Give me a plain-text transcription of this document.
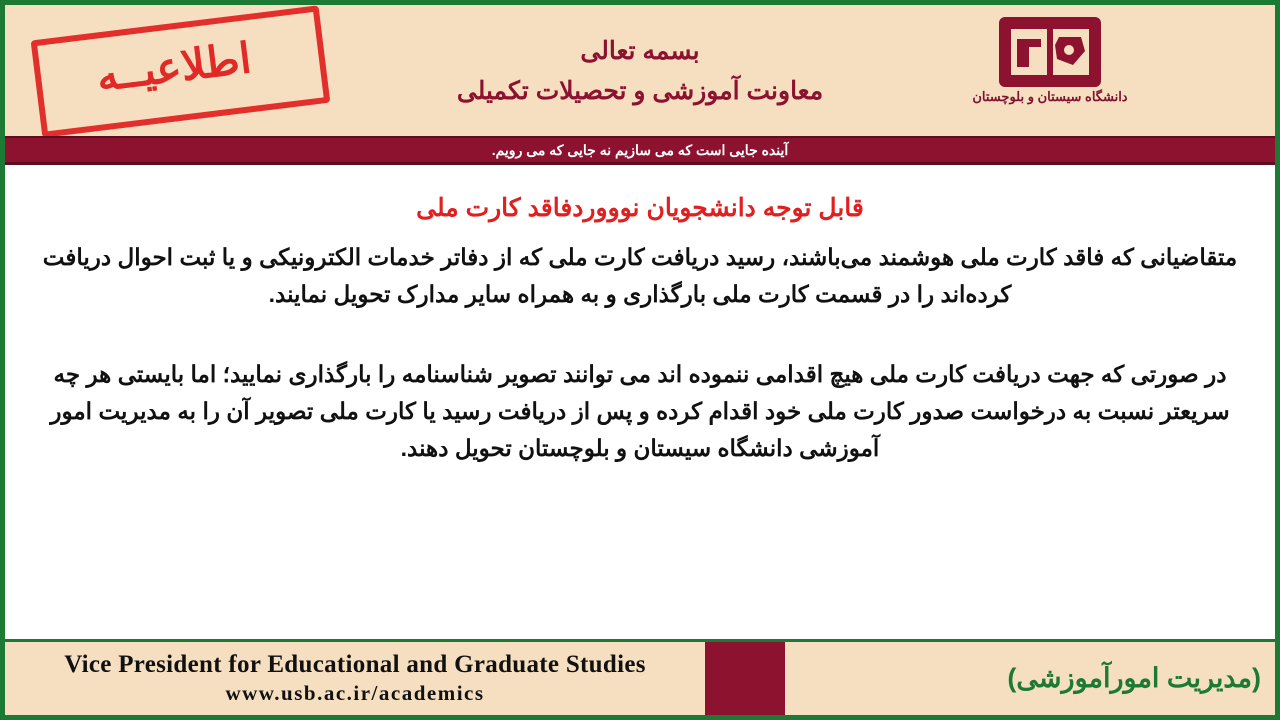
اطلاعیــه	بسمه تعالی
معاونت آموزشی و تحصیلات تکمیلی	دانشگاه سیستان و بلوچستان
آینده جایی است که می سازیم نه جایی که می رویم.
قابل توجه دانشجویان نوووردفاقد کارت ملی

متقاضیانی که فاقد کارت ملی هوشمند می‌باشند، رسید دریافت کارت ملی که از دفاتر خدمات الکترونیکی و یا ثبت احوال دریافت کرده‌اند را در قسمت کارت ملی بارگذاری و به همراه سایر مدارک تحویل نمایند.

در صورتی که جهت دریافت کارت ملی هیچ اقدامی ننموده اند می توانند تصویر شناسنامه را بارگذاری نمایید؛ اما بایستی هر چه سریعتر نسبت به درخواست صدور کارت ملی خود اقدام کرده و پس از دریافت رسید یا کارت ملی تصویر آن را به مدیریت امور آموزشی دانشگاه سیستان و بلوچستان تحویل دهند.

Vice President for Educational and Graduate Studies
www.usb.ac.ir/academics	(مدیریت امورآموزشی)
